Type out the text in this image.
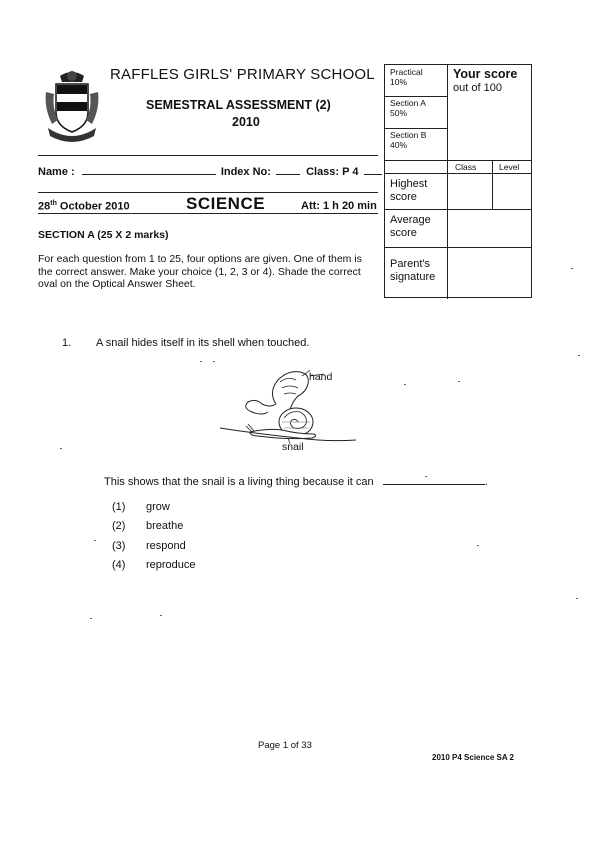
RAFFLES GIRLS' PRIMARY SCHOOL
SEMESTRAL ASSESSMENT (2)
2010
Name :	Index No:	Class: P 4
28th October 2010	SCIENCE	Att: 1 h 20 min
SECTION A (25 X 2 marks)
For each question from 1 to 25, four options are given. One of them is the correct answer. Make your choice (1, 2, 3 or 4). Shade the correct oval on the Optical Answer Sheet.
Practical
10%
Section A
50%
Section B
40%
Your score
out of 100
Class	Level
Highest
score
Average
score
Parent's
signature
1. A snail hides itself in its shell when touched.
hand
snail
This shows that the snail is a living thing because it can	.
(1) grow
(2) breathe
(3) respond
(4) reproduce
Page 1 of 33
2010 P4 Science SA 2
